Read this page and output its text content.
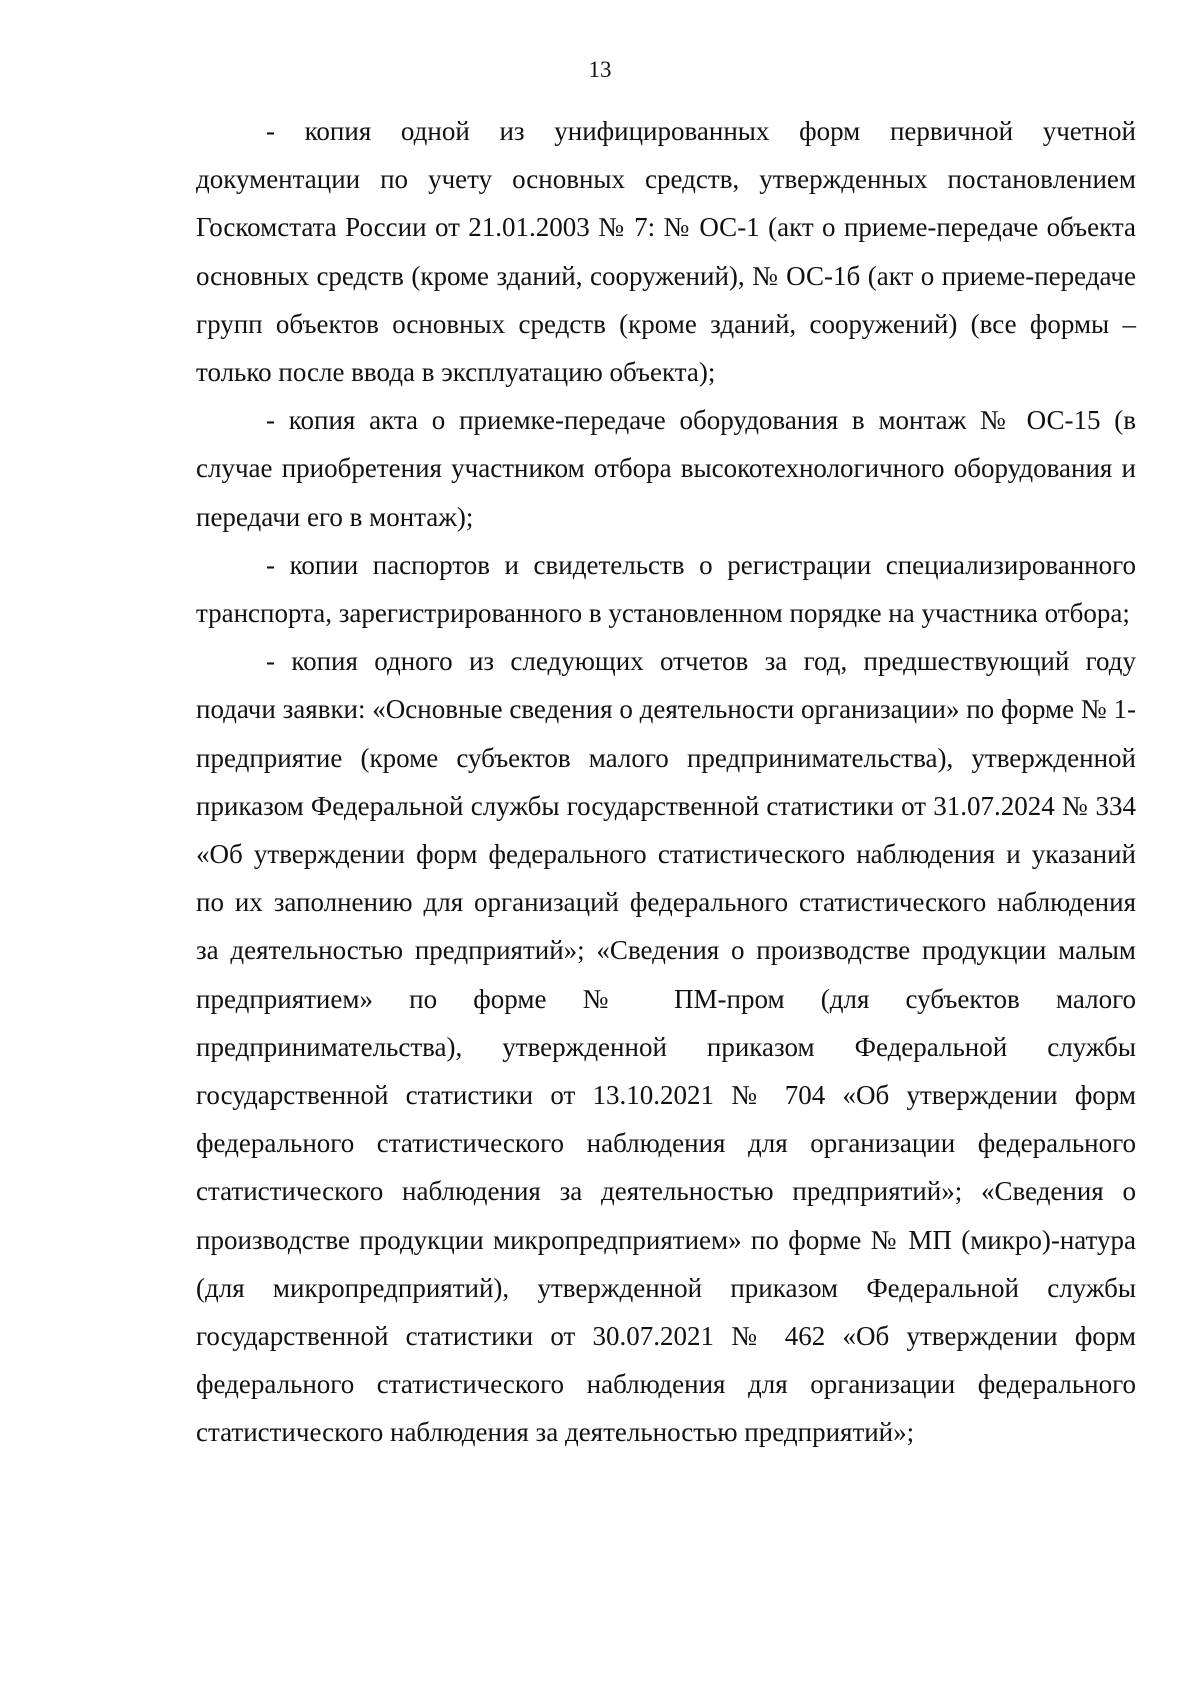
13

- копия одной из унифицированных форм первичной учетной документации по учету основных средств, утвержденных постановлением Госкомстата России от 21.01.2003 № 7: № ОС-1 (акт о приеме-передаче объекта основных средств (кроме зданий, сооружений), № ОС-1б (акт о приеме-передаче групп объектов основных средств (кроме зданий, сооружений) (все формы – только после ввода в эксплуатацию объекта);

- копия акта о приемке-передаче оборудования в монтаж № ОС-15 (в случае приобретения участником отбора высокотехнологичного оборудования и передачи его в монтаж);

- копии паспортов и свидетельств о регистрации специализированного транспорта, зарегистрированного в установленном порядке на участника отбора;

- копия одного из следующих отчетов за год, предшествующий году подачи заявки: «Основные сведения о деятельности организации» по форме № 1-предприятие (кроме субъектов малого предпринимательства), утвержденной приказом Федеральной службы государственной статистики от 31.07.2024 № 334 «Об утверждении форм федерального статистического наблюдения и указаний по их заполнению для организаций федерального статистического наблюдения за деятельностью предприятий»; «Сведения о производстве продукции малым предприятием» по форме № ПМ-пром (для субъектов малого предпринимательства), утвержденной приказом Федеральной службы государственной статистики от 13.10.2021 № 704 «Об утверждении форм федерального статистического наблюдения для организации федерального статистического наблюдения за деятельностью предприятий»; «Сведения о производстве продукции микропредприятием» по форме № МП (микро)-натура (для микропредприятий), утвержденной приказом Федеральной службы государственной статистики от 30.07.2021 № 462 «Об утверждении форм федерального статистического наблюдения для организации федерального статистического наблюдения за деятельностью предприятий»;
